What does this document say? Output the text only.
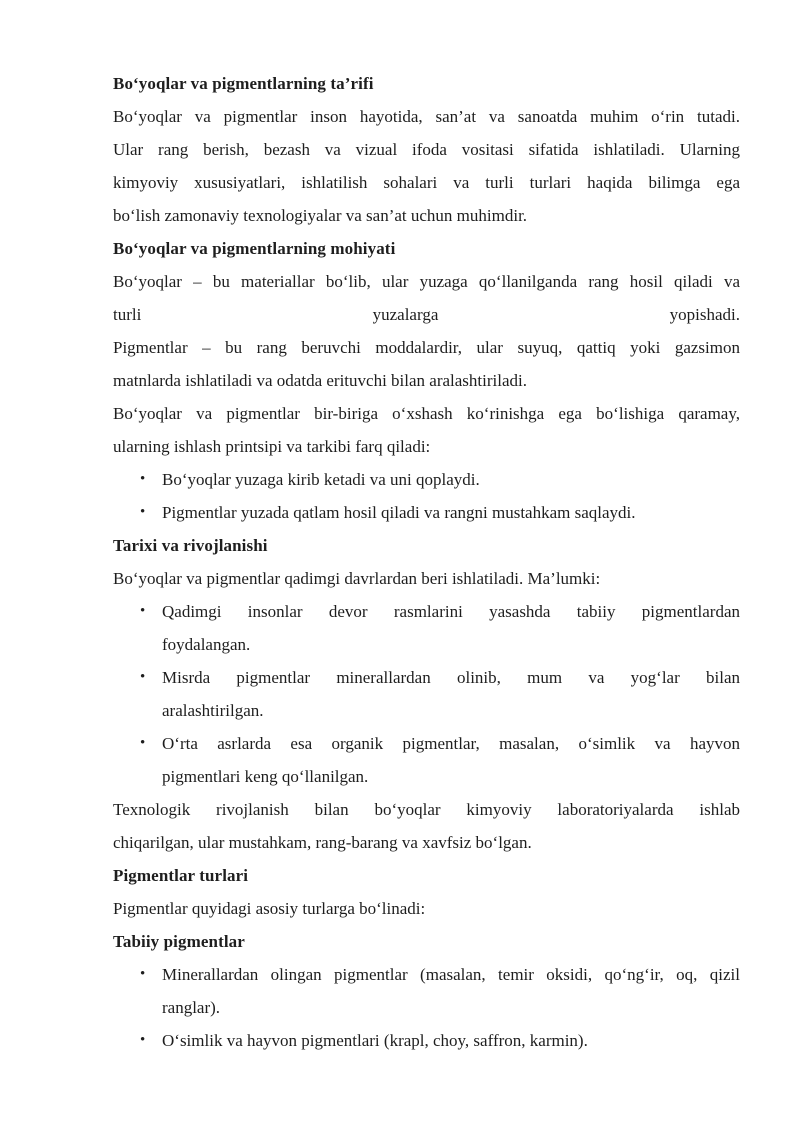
Bo‘yoqlar va pigmentlarning ta’rifi
Bo‘yoqlar va pigmentlar inson hayotida, san’at va sanoatda muhim o‘rin tutadi.
Ular rang berish, bezash va vizual ifoda vositasi sifatida ishlatiladi. Ularning
kimyoviy xususiyatlari, ishlatilish sohalari va turli turlari haqida bilimga ega
bo‘lish zamonaviy texnologiyalar va san’at uchun muhimdir.
Bo‘yoqlar va pigmentlarning mohiyati
Bo‘yoqlar – bu materiallar bo‘lib, ular yuzaga qo‘llanilganda rang hosil qiladi va
turli yuzalarga yopishadi.
Pigmentlar – bu rang beruvchi moddalardir, ular suyuq, qattiq yoki gazsimon
matnlarda ishlatiladi va odatda erituvchi bilan aralashtiriladi.
Bo‘yoqlar va pigmentlar bir-biriga o‘xshash ko‘rinishga ega bo‘lishiga qaramay,
ularning ishlash printsipi va tarkibi farq qiladi:
• Bo‘yoqlar yuzaga kirib ketadi va uni qoplaydi.
• Pigmentlar yuzada qatlam hosil qiladi va rangni mustahkam saqlaydi.
Tarixi va rivojlanishi
Bo‘yoqlar va pigmentlar qadimgi davrlardan beri ishlatiladi. Ma’lumki:
• Qadimgi insonlar devor rasmlarini yasashda tabiiy pigmentlardan
foydalangan.
• Misrda pigmentlar minerallardan olinib, mum va yog‘lar bilan
aralashtirilgan.
• O‘rta asrlarda esa organik pigmentlar, masalan, o‘simlik va hayvon
pigmentlari keng qo‘llanilgan.
Texnologik rivojlanish bilan bo‘yoqlar kimyoviy laboratoriyalarda ishlab
chiqarilgan, ular mustahkam, rang-barang va xavfsiz bo‘lgan.
Pigmentlar turlari
Pigmentlar quyidagi asosiy turlarga bo‘linadi:
Tabiiy pigmentlar
• Minerallardan olingan pigmentlar (masalan, temir oksidi, qo‘ng‘ir, oq, qizil
ranglar).
• O‘simlik va hayvon pigmentlari (krapl, choy, saffron, karmin).
